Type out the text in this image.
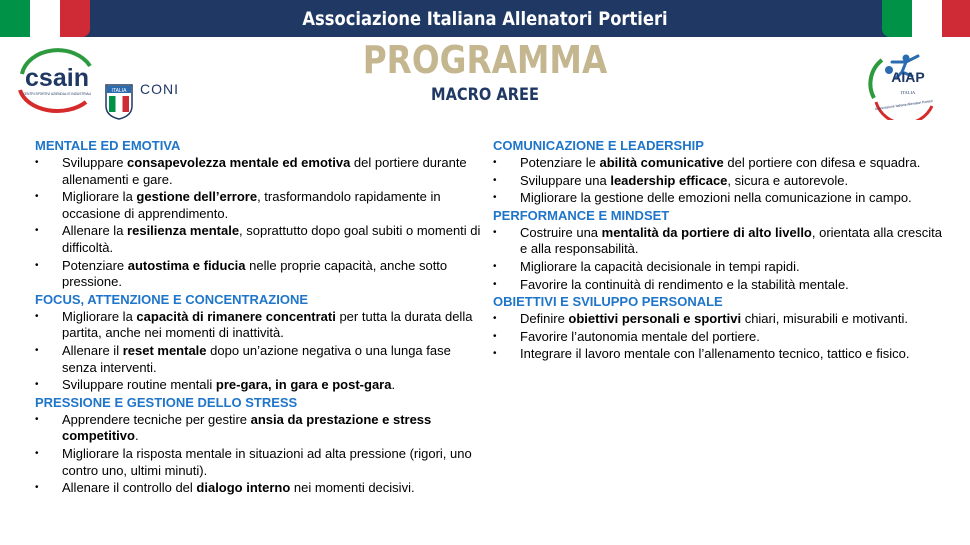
Associazione Italiana Allenatori Portieri
PROGRAMMA
MACRO AREE
csain
CENTRI SPORTIVI AZIENDALI E INDUSTRIALI	ITALIA CONI
AIAP
ITALIA
Associazione Italiana Allenatori Portieri
MENTALE ED EMOTIVA
• Sviluppare consapevolezza mentale ed emotiva del portiere durante allenamenti e gare.
• Migliorare la gestione dell’errore, trasformandolo rapidamente in occasione di apprendimento.
• Allenare la resilienza mentale, soprattutto dopo goal subiti o momenti di difficoltà.
• Potenziare autostima e fiducia nelle proprie capacità, anche sotto pressione.
FOCUS, ATTENZIONE E CONCENTRAZIONE
• Migliorare la capacità di rimanere concentrati per tutta la durata della partita, anche nei momenti di inattività.
• Allenare il reset mentale dopo un’azione negativa o una lunga fase senza interventi.
• Sviluppare routine mentali pre-gara, in gara e post-gara.
PRESSIONE E GESTIONE DELLO STRESS
• Apprendere tecniche per gestire ansia da prestazione e stress competitivo.
• Migliorare la risposta mentale in situazioni ad alta pressione (rigori, uno contro uno, ultimi minuti).
• Allenare il controllo del dialogo interno nei momenti decisivi.
COMUNICAZIONE E LEADERSHIP
• Potenziare le abilità comunicative del portiere con difesa e squadra.
• Sviluppare una leadership efficace, sicura e autorevole.
• Migliorare la gestione delle emozioni nella comunicazione in campo.
PERFORMANCE E MINDSET
• Costruire una mentalità da portiere di alto livello, orientata alla crescita e alla responsabilità.
• Migliorare la capacità decisionale in tempi rapidi.
• Favorire la continuità di rendimento e la stabilità mentale.
OBIETTIVI E SVILUPPO PERSONALE
• Definire obiettivi personali e sportivi chiari, misurabili e motivanti.
• Favorire l’autonomia mentale del portiere.
• Integrare il lavoro mentale con l’allenamento tecnico, tattico e fisico.
